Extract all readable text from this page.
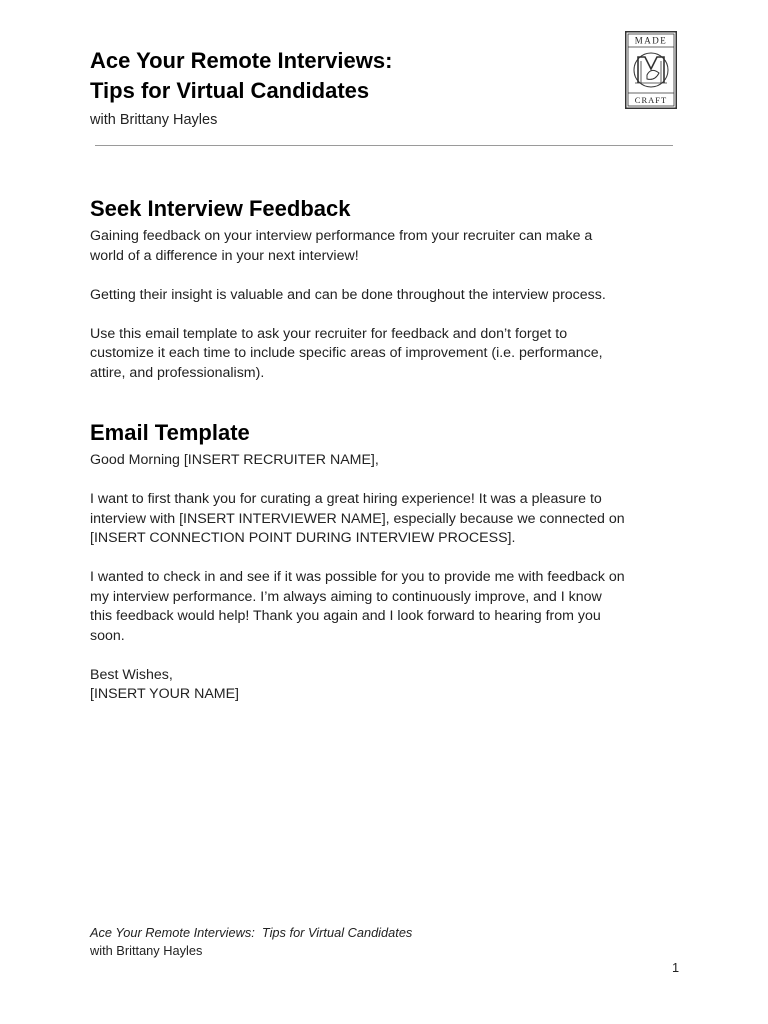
Ace Your Remote Interviews:
Tips for Virtual Candidates
with Brittany Hayles
MADE
CRAFT
Seek Interview Feedback

Gaining feedback on your interview performance from your recruiter can make a
world of a difference in your next interview!

Getting their insight is valuable and can be done throughout the interview process.

Use this email template to ask your recruiter for feedback and don’t forget to
customize it each time to include specific areas of improvement (i.e. performance,
attire, and professionalism).

Email Template

Good Morning [INSERT RECRUITER NAME],

I want to first thank you for curating a great hiring experience! It was a pleasure to
interview with [INSERT INTERVIEWER NAME], especially because we connected on
[INSERT CONNECTION POINT DURING INTERVIEW PROCESS].

I wanted to check in and see if it was possible for you to provide me with feedback on
my interview performance. I’m always aiming to continuously improve, and I know
this feedback would help! Thank you again and I look forward to hearing from you
soon.

Best Wishes,
[INSERT YOUR NAME]

Ace Your Remote Interviews:  Tips for Virtual Candidates
with Brittany Hayles
1
